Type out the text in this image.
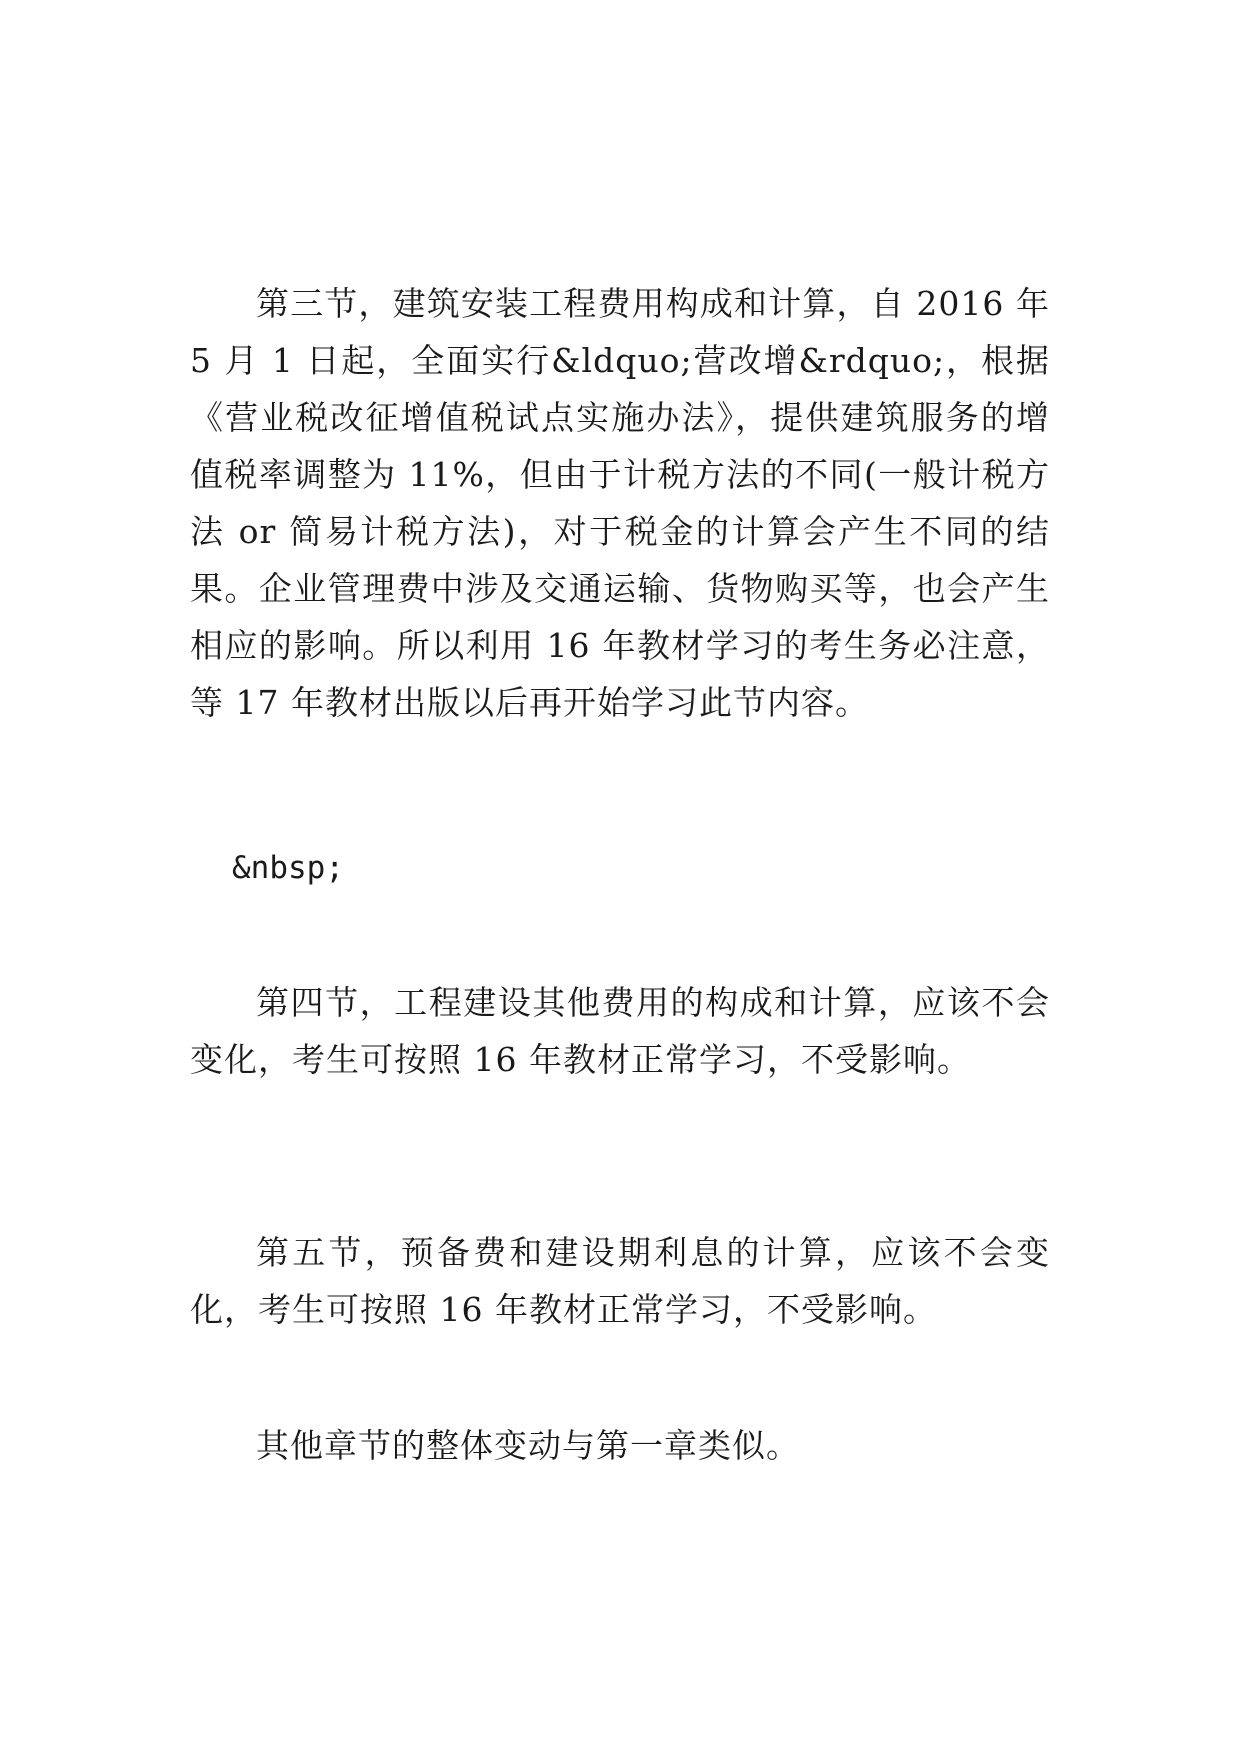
第三节，建筑安装工程费用构成和计算，自 2016 年 5 月 1 日起，全面实行&ldquo;营改增&rdquo;，根据《营业税改征增值税试点实施办法》，提供建筑服务的增值税率调整为 11%，但由于计税方法的不同(一般计税方法 or 简易计税方法)，对于税金的计算会产生不同的结果。企业管理费中涉及交通运输、货物购买等，也会产生相应的影响。所以利用 16 年教材学习的考生务必注意，等 17 年教材出版以后再开始学习此节内容。

&nbsp;

第四节，工程建设其他费用的构成和计算，应该不会变化，考生可按照 16 年教材正常学习，不受影响。

第五节，预备费和建设期利息的计算，应该不会变化，考生可按照 16 年教材正常学习，不受影响。

其他章节的整体变动与第一章类似。
